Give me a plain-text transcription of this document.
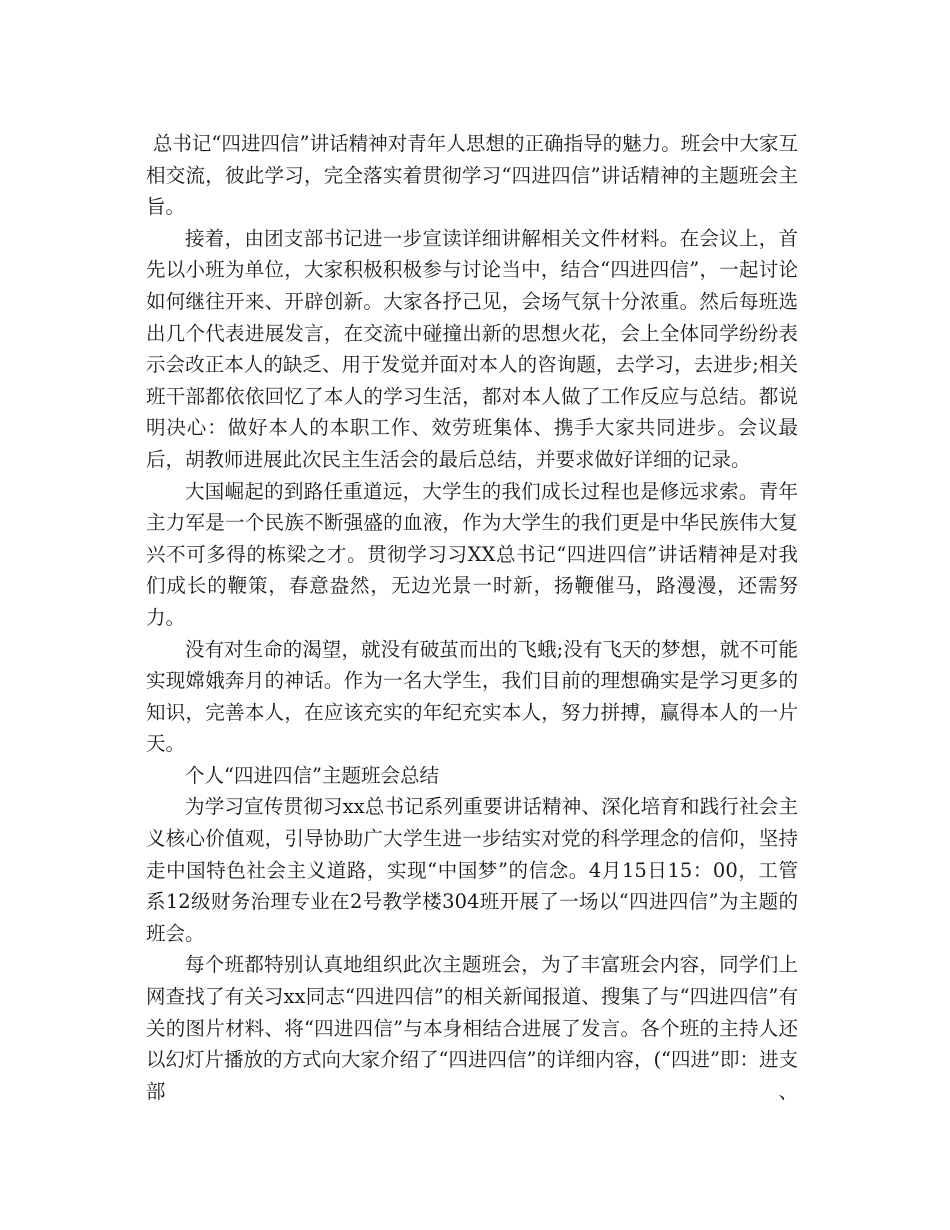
总书记“四进四信”讲话精神对青年人思想的正确指导的魅力。班会中大家互相交流，彼此学习，完全落实着贯彻学习“四进四信”讲话精神的主题班会主旨。

接着，由团支部书记进一步宣读详细讲解相关文件材料。在会议上，首先以小班为单位，大家积极积极参与讨论当中，结合“四进四信”，一起讨论如何继往开来、开辟创新。大家各抒己见，会场气氛十分浓重。然后每班选出几个代表进展发言，在交流中碰撞出新的思想火花，会上全体同学纷纷表示会改正本人的缺乏、用于发觉并面对本人的咨询题，去学习，去进步;相关班干部都依依回忆了本人的学习生活，都对本人做了工作反应与总结。都说明决心：做好本人的本职工作、效劳班集体、携手大家共同进步。会议最后，胡教师进展此次民主生活会的最后总结，并要求做好详细的记录。

大国崛起的到路任重道远，大学生的我们成长过程也是修远求索。青年主力军是一个民族不断强盛的血液，作为大学生的我们更是中华民族伟大复兴不可多得的栋梁之才。贯彻学习习XX总书记“四进四信”讲话精神是对我们成长的鞭策，春意盎然，无边光景一时新，扬鞭催马，路漫漫，还需努力。

没有对生命的渴望，就没有破茧而出的飞蛾;没有飞天的梦想，就不可能实现嫦娥奔月的神话。作为一名大学生，我们目前的理想确实是学习更多的知识，完善本人，在应该充实的年纪充实本人，努力拼搏，赢得本人的一片天。

个人“四进四信”主题班会总结

为学习宣传贯彻习xx总书记系列重要讲话精神、深化培育和践行社会主义核心价值观，引导协助广大学生进一步结实对党的科学理念的信仰，坚持走中国特色社会主义道路，实现“中国梦”的信念。4月15日15：00，工管系12级财务治理专业在2号教学楼304班开展了一场以“四进四信”为主题的班会。

每个班都特别认真地组织此次主题班会，为了丰富班会内容，同学们上网查找了有关习xx同志“四进四信”的相关新闻报道、搜集了与“四进四信”有关的图片材料、将“四进四信”与本身相结合进展了发言。各个班的主持人还以幻灯片播放的方式向大家介绍了“四进四信”的详细内容，(“四进”即：进支部、
